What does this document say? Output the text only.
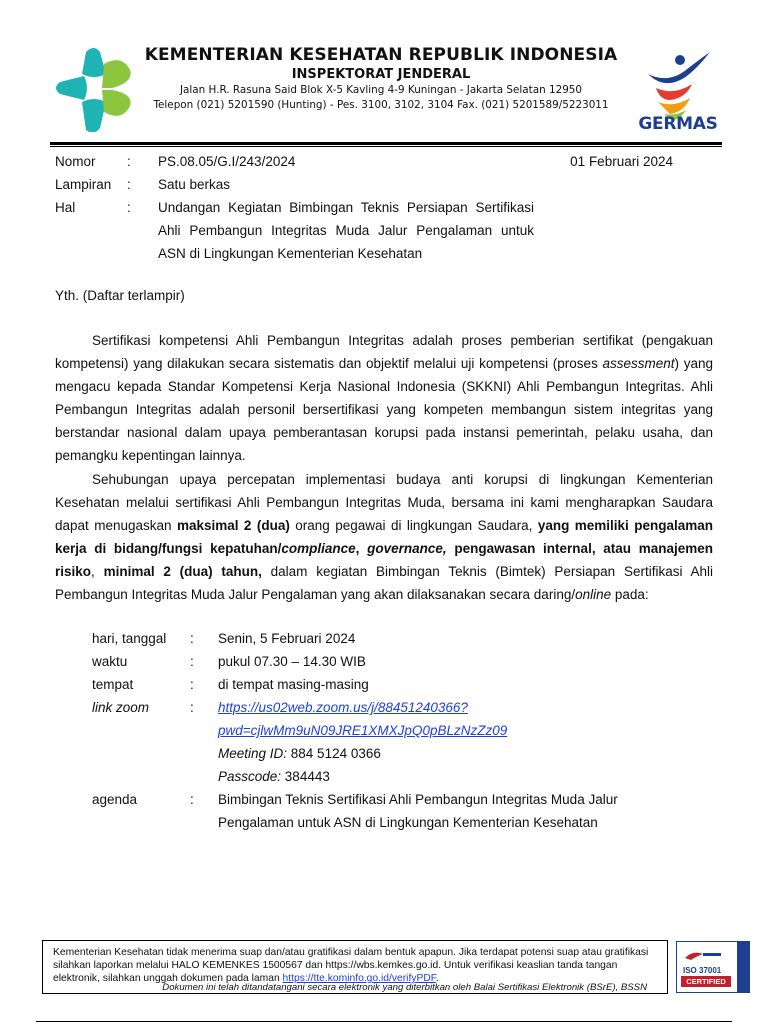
KEMENTERIAN KESEHATAN REPUBLIK INDONESIA
INSPEKTORAT JENDERAL
Jalan H.R. Rasuna Said Blok X-5 Kavling 4-9 Kuningan - Jakarta Selatan 12950
Telepon (021) 5201590 (Hunting) - Pes. 3100, 3102, 3104 Fax. (021) 5201589/5223011
GERMAS
Nomor : PS.08.05/G.I/243/2024	01 Februari 2024
Lampiran : Satu berkas
Hal	: Undangan Kegiatan Bimbingan Teknis Persiapan Sertifikasi
Ahli Pembangun Integritas Muda Jalur Pengalaman untuk
ASN di Lingkungan Kementerian Kesehatan
Yth. (Daftar terlampir)

Sertifikasi kompetensi Ahli Pembangun Integritas adalah proses pemberian sertifikat (pengakuan kompetensi) yang dilakukan secara sistematis dan objektif melalui uji kompetensi (proses assessment) yang mengacu kepada Standar Kompetensi Kerja Nasional Indonesia (SKKNI) Ahli Pembangun Integritas. Ahli Pembangun Integritas adalah personil bersertifikasi yang kompeten membangun sistem integritas yang berstandar nasional dalam upaya pemberantasan korupsi pada instansi pemerintah, pelaku usaha, dan pemangku kepentingan lainnya.

Sehubungan upaya percepatan implementasi budaya anti korupsi di lingkungan Kementerian Kesehatan melalui sertifikasi Ahli Pembangun Integritas Muda, bersama ini kami mengharapkan Saudara dapat menugaskan maksimal 2 (dua) orang pegawai di lingkungan Saudara, yang memiliki pengalaman kerja di bidang/fungsi kepatuhan/compliance, governance, pengawasan internal, atau manajemen risiko, minimal 2 (dua) tahun, dalam kegiatan Bimbingan Teknis (Bimtek) Persiapan Sertifikasi Ahli Pembangun Integritas Muda Jalur Pengalaman yang akan dilaksanakan secara daring/online pada:

hari, tanggal : Senin, 5 Februari 2024
waktu	: pukul 07.30 – 14.30 WIB
tempat	: di tempat masing-masing
link zoom	: https://us02web.zoom.us/j/88451240366?
pwd=cjlwMm9uN09JRE1XMXJpQ0pBLzNzZz09
Meeting ID: 884 5124 0366
Passcode: 384443
agenda	: Bimbingan Teknis Sertifikasi Ahli Pembangun Integritas Muda Jalur
Pengalaman untuk ASN di Lingkungan Kementerian Kesehatan
Kementerian Kesehatan tidak menerima suap dan/atau gratifikasi dalam bentuk apapun. Jika terdapat potensi suap atau gratifikasi silahkan laporkan melalui HALO KEMENKES 1500567 dan https://wbs.kemkes.go.id. Untuk verifikasi keaslian tanda tangan elektronik, silahkan unggah dokumen pada laman https://tte.kominfo.go.id/verifyPDF.
Dokumen ini telah ditandatangani secara elektronik yang diterbitkan oleh Balai Sertifikasi Elektronik (BSrE), BSSN
ISO 37001
CERTIFIED
